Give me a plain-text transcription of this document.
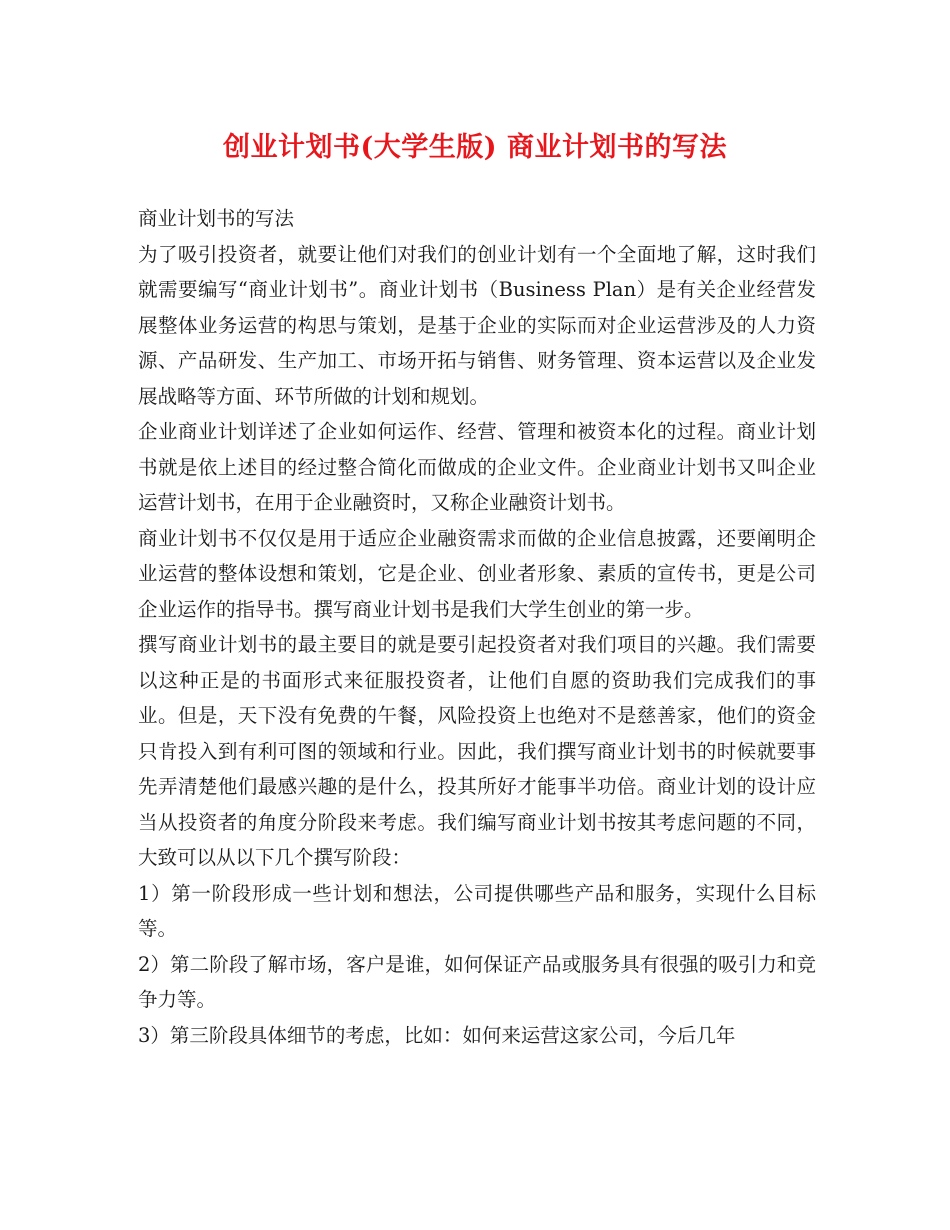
创业计划书(大学生版) 商业计划书的写法

商业计划书的写法

为了吸引投资者，就要让他们对我们的创业计划有一个全面地了解，这时我们就需要编写“商业计划书”。商业计划书（Business Plan）是有关企业经营发展整体业务运营的构思与策划，是基于企业的实际而对企业运营涉及的人力资源、产品研发、生产加工、市场开拓与销售、财务管理、资本运营以及企业发展战略等方面、环节所做的计划和规划。

企业商业计划详述了企业如何运作、经营、管理和被资本化的过程。商业计划书就是依上述目的经过整合简化而做成的企业文件。企业商业计划书又叫企业运营计划书，在用于企业融资时，又称企业融资计划书。

商业计划书不仅仅是用于适应企业融资需求而做的企业信息披露，还要阐明企业运营的整体设想和策划，它是企业、创业者形象、素质的宣传书，更是公司企业运作的指导书。撰写商业计划书是我们大学生创业的第一步。

撰写商业计划书的最主要目的就是要引起投资者对我们项目的兴趣。我们需要以这种正是的书面形式来征服投资者，让他们自愿的资助我们完成我们的事业。但是，天下没有免费的午餐，风险投资上也绝对不是慈善家，他们的资金只肯投入到有利可图的领域和行业。因此，我们撰写商业计划书的时候就要事先弄清楚他们最感兴趣的是什么，投其所好才能事半功倍。商业计划的设计应当从投资者的角度分阶段来考虑。我们编写商业计划书按其考虑问题的不同，大致可以从以下几个撰写阶段：

1）第一阶段形成一些计划和想法，公司提供哪些产品和服务，实现什么目标等。

2）第二阶段了解市场，客户是谁，如何保证产品或服务具有很强的吸引力和竞争力等。

3）第三阶段具体细节的考虑，比如：如何来运营这家公司，今后几年
